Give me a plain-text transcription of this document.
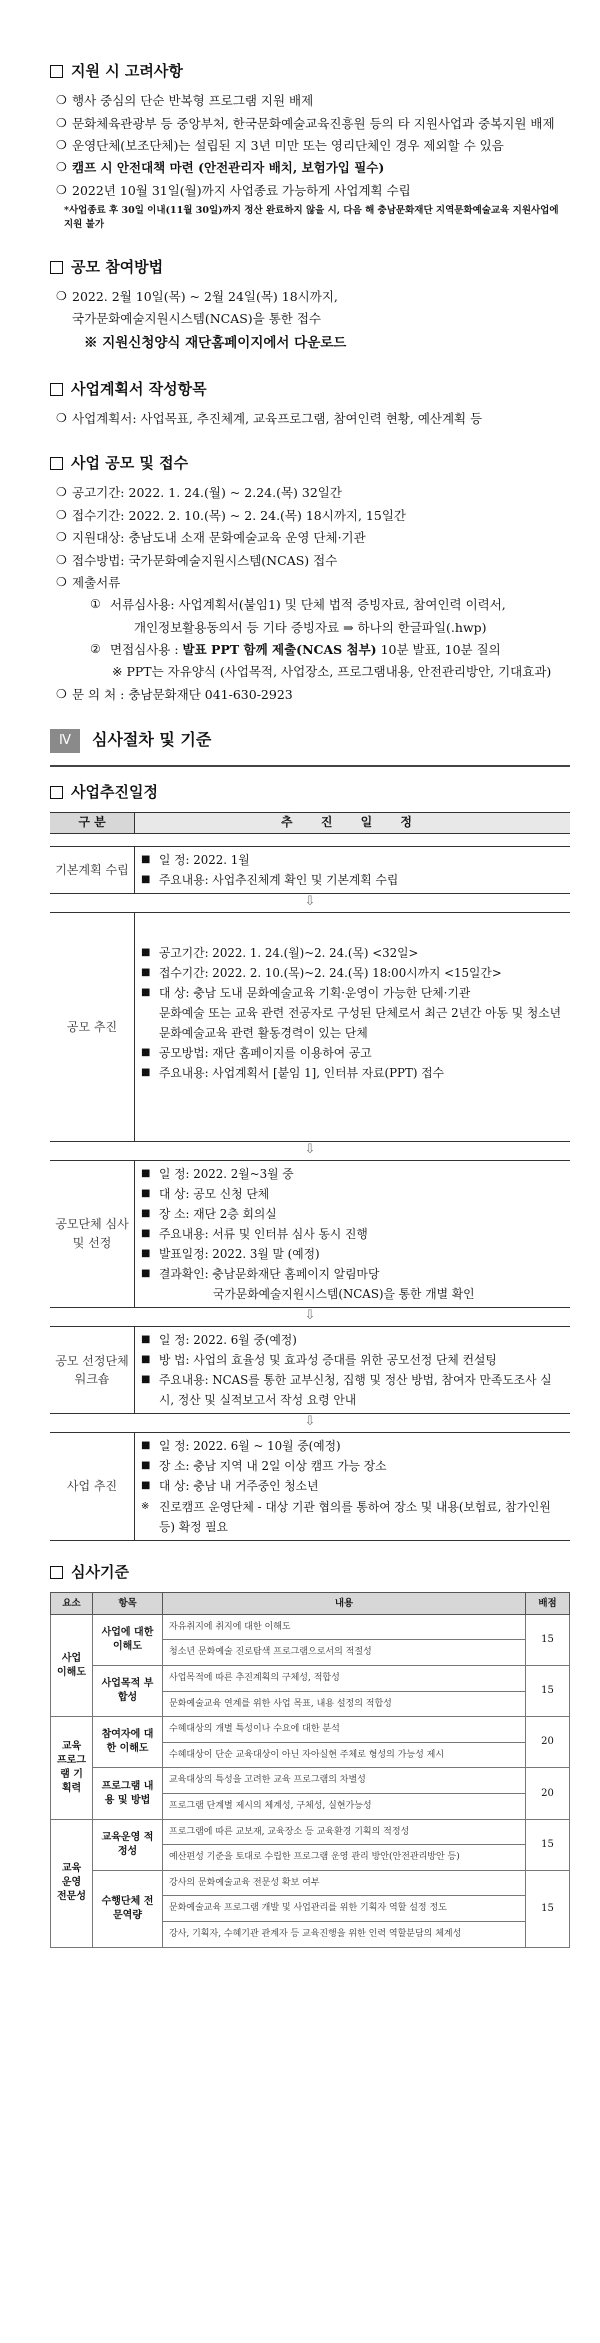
지원 시 고려사항
❍ 행사 중심의 단순 반복형 프로그램 지원 배제
❍ 문화체육관광부 등 중앙부처, 한국문화예술교육진흥원 등의 타 지원사업과 중복지원 배제
❍ 운영단체(보조단체)는 설립된 지 3년 미만 또는 영리단체인 경우 제외할 수 있음
❍ 캠프 시 안전대책 마련 (안전관리자 배치, 보험가입 필수)
❍ 2022년 10월 31일(월)까지 사업종료 가능하게 사업계획 수립
*사업종료 후 30일 이내(11월 30일)까지 정산 완료하지 않을 시, 다음 해 충남문화재단 지역문화예술교육 지원사업에 지원 불가
공모 참여방법
❍ 2022. 2월 10일(목) ~ 2월 24일(목) 18시까지,
국가문화예술지원시스템(NCAS)을 통한 접수
※ 지원신청양식 재단홈페이지에서 다운로드
사업계획서 작성항목
❍ 사업계획서: 사업목표, 추진체계, 교육프로그램, 참여인력 현황, 예산계획 등
사업 공모 및 접수
❍ 공고기간: 2022. 1. 24.(월) ~ 2.24.(목) 32일간
❍ 접수기간: 2022. 2. 10.(목) ~ 2. 24.(목) 18시까지, 15일간
❍ 지원대상: 충남도내 소재 문화예술교육 운영 단체·기관
❍ 접수방법: 국가문화예술지원시스템(NCAS) 접수
❍ 제출서류
① 서류심사용: 사업계획서(붙임1) 및 단체 법적 증빙자료, 참여인력 이력서,
개인정보활용동의서 등 기타 증빙자료 ⇒ 하나의 한글파일(.hwp)
② 면접심사용 : 발표 PPT 함께 제출(NCAS 첨부) 10분 발표, 10분 질의
※ PPT는 자유양식 (사업목적, 사업장소, 프로그램내용, 안전관리방안, 기대효과)
❍ 문 의 처 : 충남문화재단 041-630-2923
Ⅳ	심사절차 및 기준
사업추진일정
구 분	추 진 일 정
기본계획 수립
■ 일 정: 2022. 1월
■ 주요내용: 사업추진체계 확인 및 기본계획 수립
⇩
공모 추진
■ 공고기간: 2022. 1. 24.(월)~2. 24.(목) <32일>
■ 접수기간: 2022. 2. 10.(목)~2. 24.(목) 18:00시까지 <15일간>
■ 대 상: 충남 도내 문화예술교육 기획·운영이 가능한 단체·기관
문화예술 또는 교육 관련 전공자로 구성된 단체로서 최근 2년간 아동 및 청소년 문화예술교육 관련 활동경력이 있는 단체
■ 공모방법: 재단 홈페이지를 이용하여 공고
■ 주요내용: 사업계획서 [붙임 1], 인터뷰 자료(PPT) 접수
⇩
공모단체 심사 및 선정
■ 일 정: 2022. 2월~3월 중
■ 대 상: 공모 신청 단체
■ 장 소: 재단 2층 회의실
■ 주요내용: 서류 및 인터뷰 심사 동시 진행
■ 발표일정: 2022. 3월 말 (예정)
■ 결과확인: 충남문화재단 홈페이지 알림마당
국가문화예술지원시스템(NCAS)을 통한 개별 확인
⇩
공모 선정단체 워크숍
■ 일 정: 2022. 6월 중(예정)
■ 방 법: 사업의 효율성 및 효과성 증대를 위한 공모선정 단체 컨설팅
■ 주요내용: NCAS를 통한 교부신청, 집행 및 정산 방법, 참여자 만족도조사 실시, 정산 및 실적보고서 작성 요령 안내
⇩
사업 추진
■ 일 정: 2022. 6월 ~ 10월 중(예정)
■ 장 소: 충남 지역 내 2일 이상 캠프 가능 장소
■ 대 상: 충남 내 거주중인 청소년
※ 진로캠프 운영단체 - 대상 기관 협의를 통하여 장소 및 내용(보험료, 참가인원 등) 확정 필요
심사기준
요소	항목	내용	배점
사업 이해도	사업에 대한 이해도	자유취지에 취지에 대한 이해도	15
		청소년 문화예술 진로탐색 프로그램으로서의 적절성	
	사업목적 부합성	사업목적에 따른 추진계획의 구체성, 적합성	15
		문화예술교육 연계를 위한 사업 목표, 내용 설정의 적합성	
교육 프로그램 기획력	참여자에 대한 이해도	수혜대상의 개별 특성이나 수요에 대한 분석	20
		수혜대상이 단순 교육대상이 아닌 자아실현 주체로 형성의 가능성 제시	
	프로그램 내용 및 방법	교육대상의 특성을 고려한 교육 프로그램의 차별성	20
		프로그램 단계별 제시의 체계성, 구체성, 실현가능성	
교육 운영 전문성	교육운영 적정성	프로그램에 따른 교보재, 교육장소 등 교육환경 기획의 적정성	15
		예산편성 기준을 토대로 수립한 프로그램 운영 관리 방안(안전관리방안 등)	
	수행단체 전문역량	강사의 문화예술교육 전문성 확보 여부	15
		문화예술교육 프로그램 개발 및 사업관리를 위한 기획자 역할 설정 정도	
		강사, 기획자, 수혜기관 관계자 등 교육진행을 위한 인력 역할분담의 체계성	
